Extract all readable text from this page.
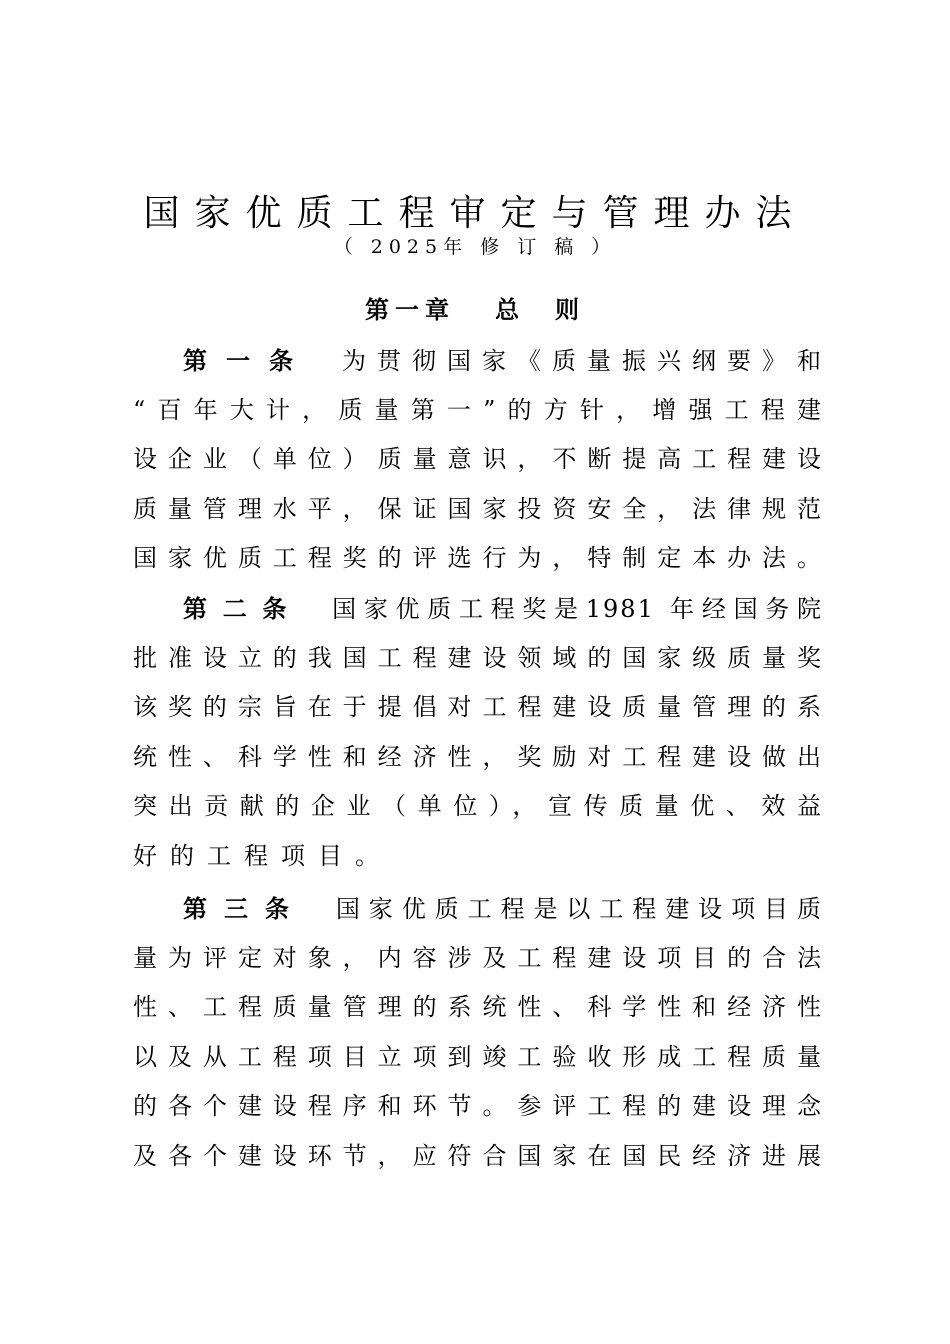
国家优质工程审定与管理办法
（ 2025年 修 订 稿 ）
第一章 总　则
第一条 为贯彻国家《质量振兴纲要》和
“百年大计，质量第一”的方针，增强工程建
设企业（单位）质量意识，不断提高工程建设
质量管理水平，保证国家投资安全，法律规范
国家优质工程奖的评选行为，特制定本办法。
第二条 国家优质工程奖是1981 年经国务院
批准设立的我国工程建设领域的国家级质量奖
该奖的宗旨在于提倡对工程建设质量管理的系
统性、科学性和经济性，奖励对工程建设做出
突出贡献的企业（单位），宣传质量优、效益
好的工程项目。
第三条 国家优质工程是以工程建设项目质
量为评定对象，内容涉及工程建设项目的合法
性、工程质量管理的系统性、科学性和经济性
以及从工程项目立项到竣工验收形成工程质量
的各个建设程序和环节。参评工程的建设理念
及各个建设环节，应符合国家在国民经济进展
